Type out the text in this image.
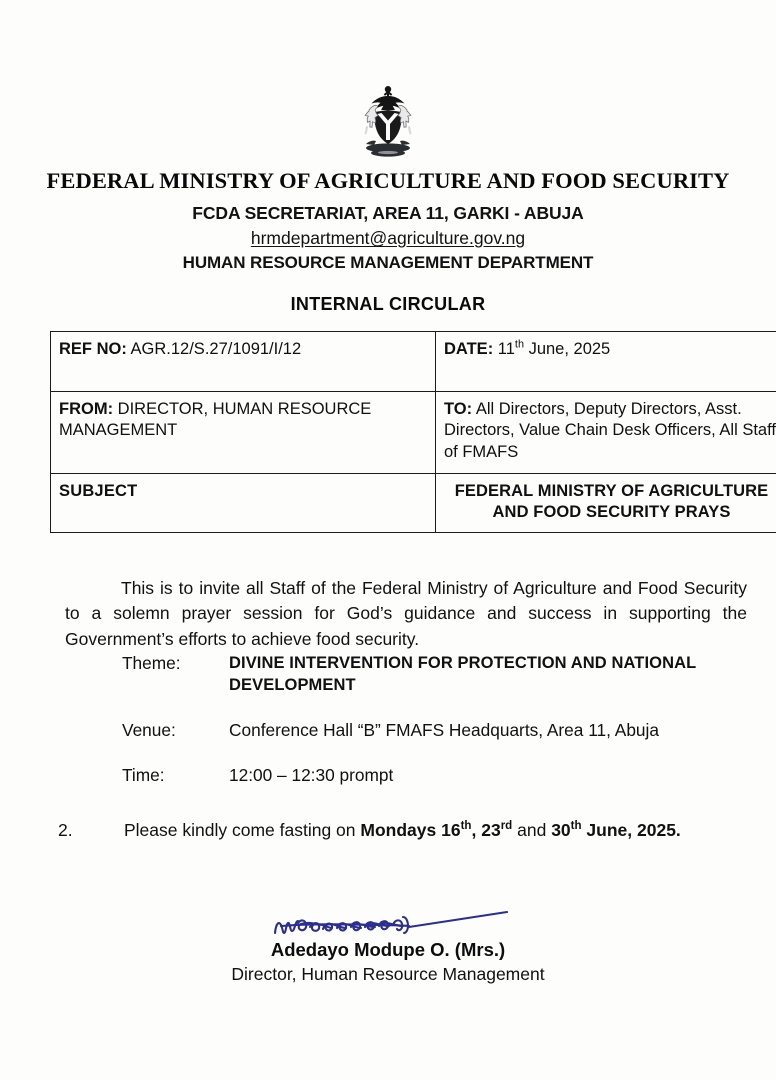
FEDERAL MINISTRY OF AGRICULTURE AND FOOD SECURITY
FCDA SECRETARIAT, AREA 11, GARKI - ABUJA
hrmdepartment@agriculture.gov.ng
HUMAN RESOURCE MANAGEMENT DEPARTMENT
INTERNAL CIRCULAR
REF NO: AGR.12/S.27/1091/I/12	DATE: 11th June, 2025
FROM: DIRECTOR, HUMAN RESOURCE MANAGEMENT	TO: All Directors, Deputy Directors, Asst. Directors, Value Chain Desk Officers, All Staff of FMAFS
SUBJECT	FEDERAL MINISTRY OF AGRICULTURE AND FOOD SECURITY PRAYS

This is to invite all Staff of the Federal Ministry of Agriculture and Food Security to a solemn prayer session for God’s guidance and success in supporting the Government’s efforts to achieve food security.

Theme:	DIVINE INTERVENTION FOR PROTECTION AND NATIONAL DEVELOPMENT
Venue:	Conference Hall “B” FMAFS Headquarts, Area 11, Abuja
Time:	12:00 – 12:30 prompt
2.	Please kindly come fasting on Mondays 16th, 23rd and 30th June, 2025.
Adedayo Modupe O. (Mrs.)
Director, Human Resource Management
